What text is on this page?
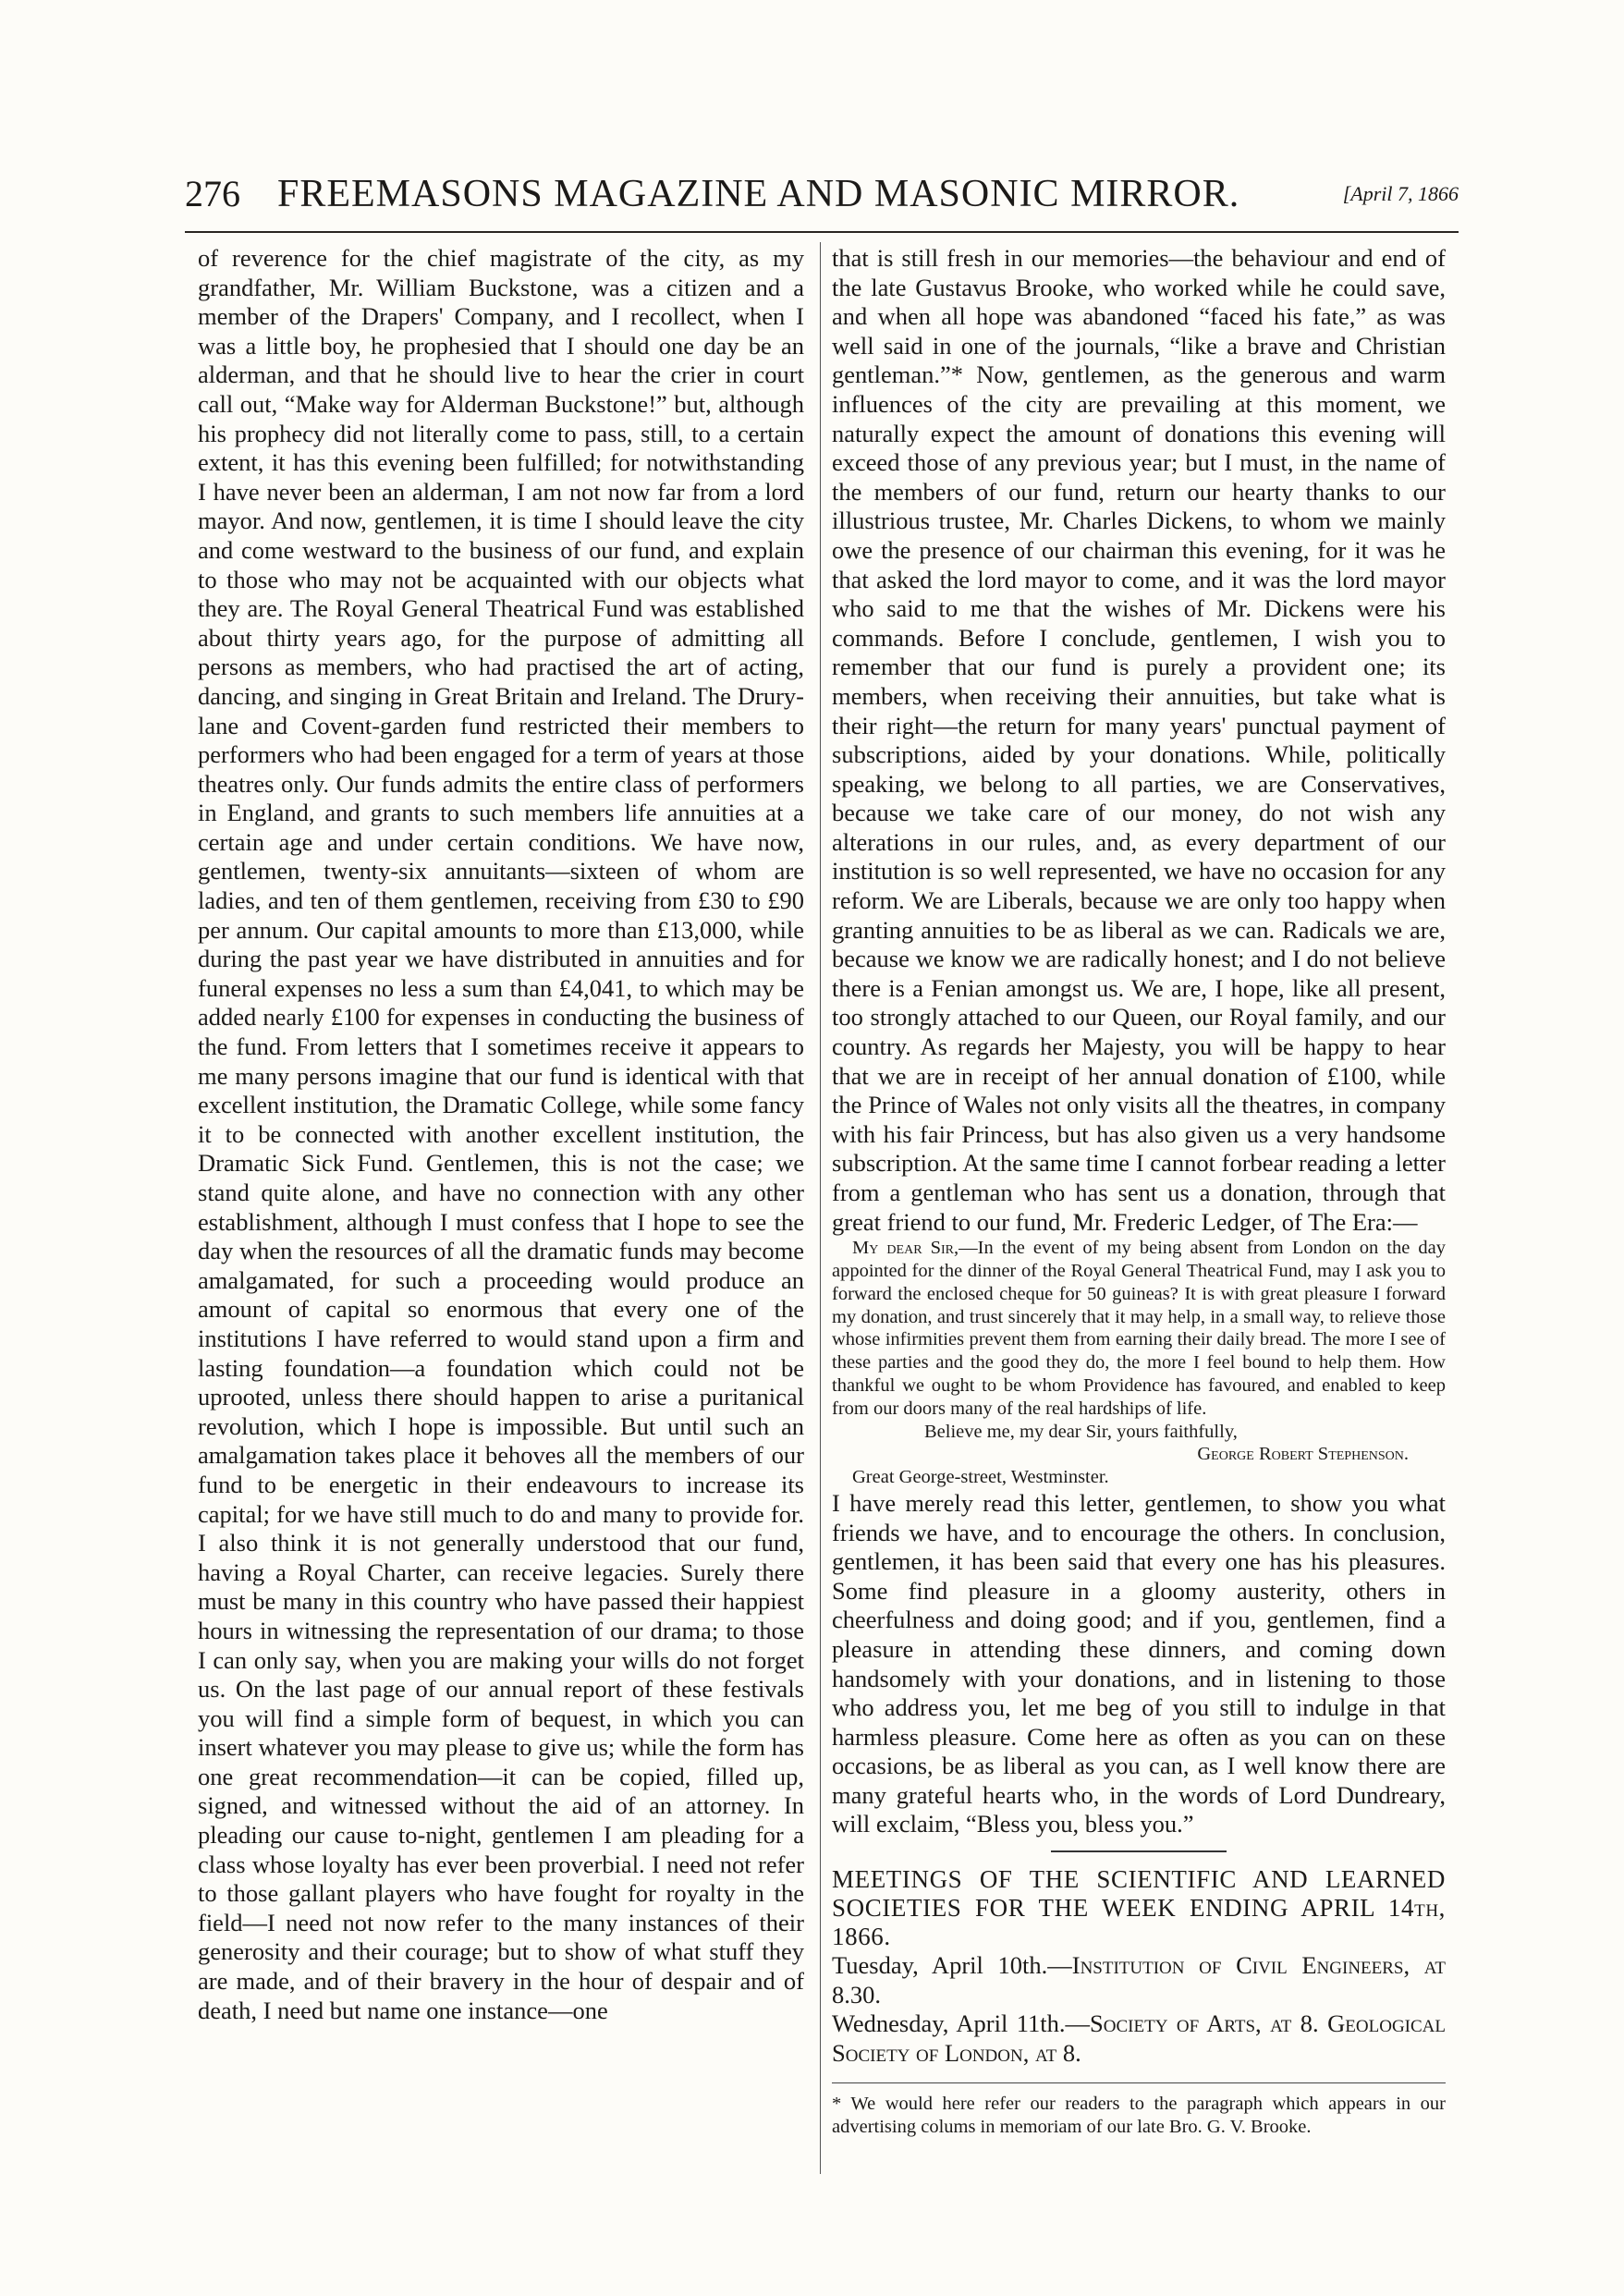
276 FREEMASONS MAGAZINE AND MASONIC MIRROR.	[April 7, 1866

of reverence for the chief magistrate of the city, as my grandfather, Mr. William Buckstone, was a citizen and a member of the Drapers' Company, and I recollect, when I was a little boy, he prophesied that I should one day be an alderman, and that he should live to hear the crier in court call out, “Make way for Alderman Buckstone!” but, although his prophecy did not literally come to pass, still, to a certain extent, it has this evening been fulfilled; for notwithstanding I have never been an alderman, I am not now far from a lord mayor. And now, gentlemen, it is time I should leave the city and come westward to the business of our fund, and explain to those who may not be acquainted with our objects what they are. The Royal General Theatrical Fund was established about thirty years ago, for the purpose of admitting all persons as members, who had practised the art of acting, dancing, and singing in Great Britain and Ireland. The Drury-lane and Covent-garden fund restricted their members to performers who had been engaged for a term of years at those theatres only. Our funds admits the entire class of performers in England, and grants to such members life annuities at a certain age and under certain conditions. We have now, gentlemen, twenty-six annuitants—sixteen of whom are ladies, and ten of them gentlemen, receiving from £30 to £90 per annum. Our capital amounts to more than £13,000, while during the past year we have distributed in annuities and for funeral expenses no less a sum than £4,041, to which may be added nearly £100 for expenses in conducting the business of the fund. From letters that I sometimes receive it appears to me many persons imagine that our fund is identical with that excellent institution, the Dramatic College, while some fancy it to be connected with another excellent institution, the Dramatic Sick Fund. Gentlemen, this is not the case; we stand quite alone, and have no connection with any other establishment, although I must confess that I hope to see the day when the resources of all the dramatic funds may become amalgamated, for such a proceeding would produce an amount of capital so enormous that every one of the institutions I have referred to would stand upon a firm and lasting foundation—a foundation which could not be uprooted, unless there should happen to arise a puritanical revolution, which I hope is impossible. But until such an amalgamation takes place it behoves all the members of our fund to be energetic in their endeavours to increase its capital; for we have still much to do and many to provide for. I also think it is not generally understood that our fund, having a Royal Charter, can receive legacies. Surely there must be many in this country who have passed their happiest hours in witnessing the representation of our drama; to those I can only say, when you are making your wills do not forget us. On the last page of our annual report of these festivals you will find a simple form of bequest, in which you can insert whatever you may please to give us; while the form has one great recommendation—it can be copied, filled up, signed, and witnessed without the aid of an attorney. In pleading our cause to-night, gentlemen I am pleading for a class whose loyalty has ever been proverbial. I need not refer to those gallant players who have fought for royalty in the field—I need not now refer to the many instances of their generosity and their courage; but to show of what stuff they are made, and of their bravery in the hour of despair and of death, I need but name one instance—one

that is still fresh in our memories—the behaviour and end of the late Gustavus Brooke, who worked while he could save, and when all hope was abandoned “faced his fate,” as was well said in one of the journals, “like a brave and Christian gentleman.”* Now, gentlemen, as the generous and warm influences of the city are prevailing at this moment, we naturally expect the amount of donations this evening will exceed those of any previous year; but I must, in the name of the members of our fund, return our hearty thanks to our illustrious trustee, Mr. Charles Dickens, to whom we mainly owe the presence of our chairman this evening, for it was he that asked the lord mayor to come, and it was the lord mayor who said to me that the wishes of Mr. Dickens were his commands. Before I conclude, gentlemen, I wish you to remember that our fund is purely a provident one; its members, when receiving their annuities, but take what is their right—the return for many years' punctual payment of subscriptions, aided by your donations. While, politically speaking, we belong to all parties, we are Conservatives, because we take care of our money, do not wish any alterations in our rules, and, as every department of our institution is so well represented, we have no occasion for any reform. We are Liberals, because we are only too happy when granting annuities to be as liberal as we can. Radicals we are, because we know we are radically honest; and I do not believe there is a Fenian amongst us. We are, I hope, like all present, too strongly attached to our Queen, our Royal family, and our country. As regards her Majesty, you will be happy to hear that we are in receipt of her annual donation of £100, while the Prince of Wales not only visits all the theatres, in company with his fair Princess, but has also given us a very handsome subscription. At the same time I cannot forbear reading a letter from a gentleman who has sent us a donation, through that great friend to our fund, Mr. Frederic Ledger, of The Era:—

My dear Sir,—In the event of my being absent from London on the day appointed for the dinner of the Royal General Theatrical Fund, may I ask you to forward the enclosed cheque for 50 guineas? It is with great pleasure I forward my donation, and trust sincerely that it may help, in a small way, to relieve those whose infirmities prevent them from earning their daily bread. The more I see of these parties and the good they do, the more I feel bound to help them. How thankful we ought to be whom Providence has favoured, and enabled to keep from our doors many of the real hardships of life.

Believe me, my dear Sir, yours faithfully,

George Robert Stephenson.

Great George-street, Westminster.

I have merely read this letter, gentlemen, to show you what friends we have, and to encourage the others. In conclusion, gentlemen, it has been said that every one has his pleasures. Some find pleasure in a gloomy austerity, others in cheerfulness and doing good; and if you, gentlemen, find a pleasure in attending these dinners, and coming down handsomely with your donations, and in listening to those who address you, let me beg of you still to indulge in that harmless pleasure. Come here as often as you can on these occasions, be as liberal as you can, as I well know there are many grateful hearts who, in the words of Lord Dundreary, will exclaim, “Bless you, bless you.”

MEETINGS OF THE SCIENTIFIC AND LEARNED SOCIETIES FOR THE WEEK ENDING APRIL 14th, 1866.

Tuesday, April 10th.—Institution of Civil Engineers, at 8.30.

Wednesday, April 11th.—Society of Arts, at 8. Geological Society of London, at 8.

* We would here refer our readers to the paragraph which appears in our advertising colums in memoriam of our late Bro. G. V. Brooke.
